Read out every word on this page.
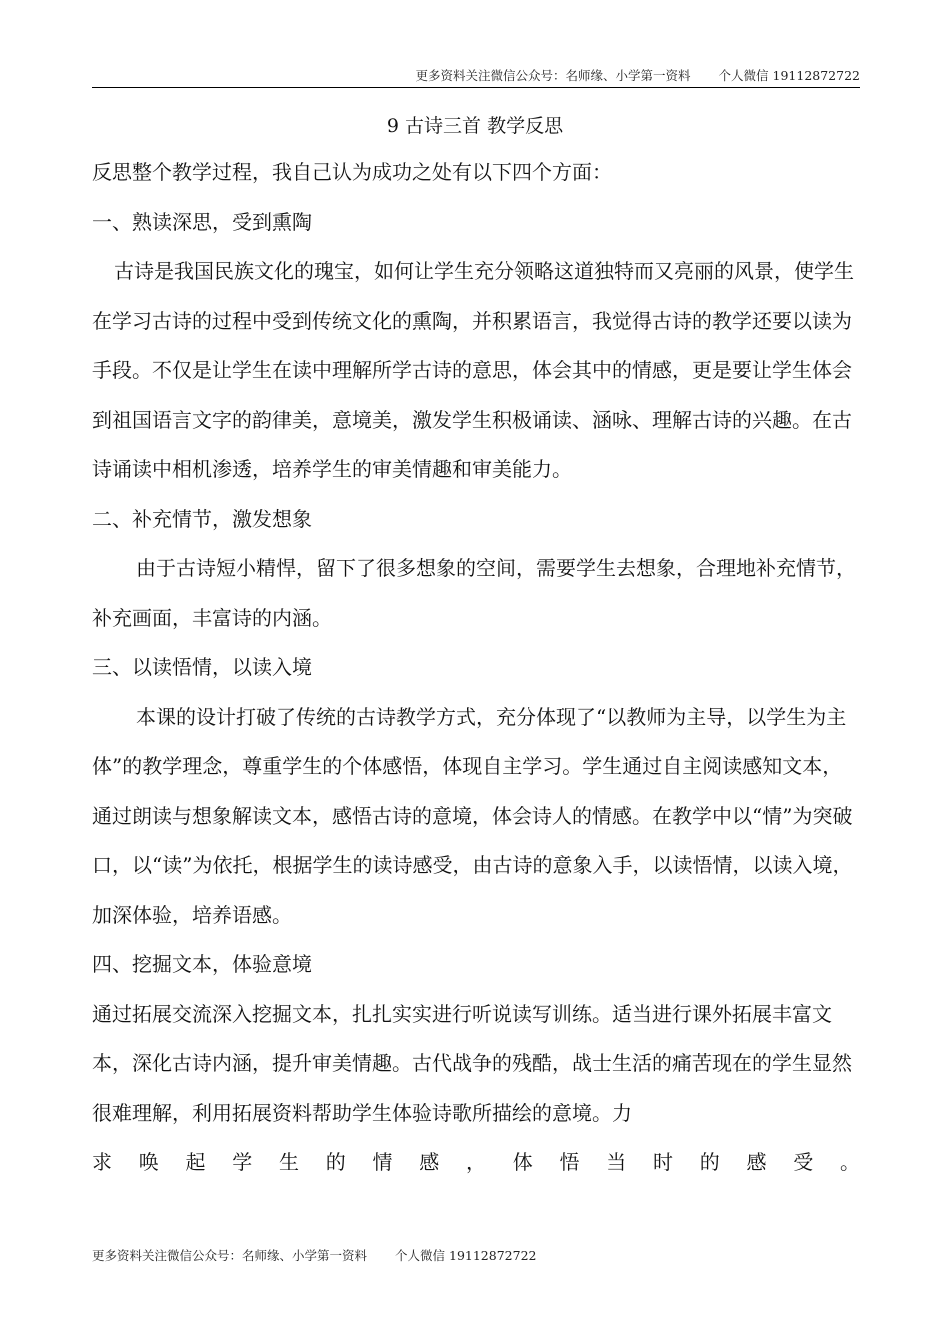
更多资料关注微信公众号：名师缘、小学第一资料 个人微信 19112872722
9 古诗三首 教学反思

反思整个教学过程，我自己认为成功之处有以下四个方面：

一、熟读深思，受到熏陶

古诗是我国民族文化的瑰宝，如何让学生充分领略这道独特而又亮丽的风景，使学生在学习古诗的过程中受到传统文化的熏陶，并积累语言，我觉得古诗的教学还要以读为手段。不仅是让学生在读中理解所学古诗的意思，体会其中的情感，更是要让学生体会到祖国语言文字的韵律美，意境美，激发学生积极诵读、涵咏、理解古诗的兴趣。在古诗诵读中相机渗透，培养学生的审美情趣和审美能力。

二、补充情节，激发想象

由于古诗短小精悍，留下了很多想象的空间，需要学生去想象，合理地补充情节，补充画面，丰富诗的内涵。

三、以读悟情，以读入境

本课的设计打破了传统的古诗教学方式，充分体现了“以教师为主导，以学生为主体”的教学理念，尊重学生的个体感悟，体现自主学习。学生通过自主阅读感知文本，通过朗读与想象解读文本，感悟古诗的意境，体会诗人的情感。在教学中以“情”为突破口，以“读”为依托，根据学生的读诗感受，由古诗的意象入手，以读悟情，以读入境，加深体验，培养语感。

四、挖掘文本，体验意境

通过拓展交流深入挖掘文本，扎扎实实进行听说读写训练。适当进行课外拓展丰富文本，深化古诗内涵，提升审美情趣。古代战争的残酷，战士生活的痛苦现在的学生显然很难理解，利用拓展资料帮助学生体验诗歌所描绘的意境。力

求唤起学生的情感，体悟当时的感受。

更多资料关注微信公众号：名师缘、小学第一资料 个人微信 19112872722
